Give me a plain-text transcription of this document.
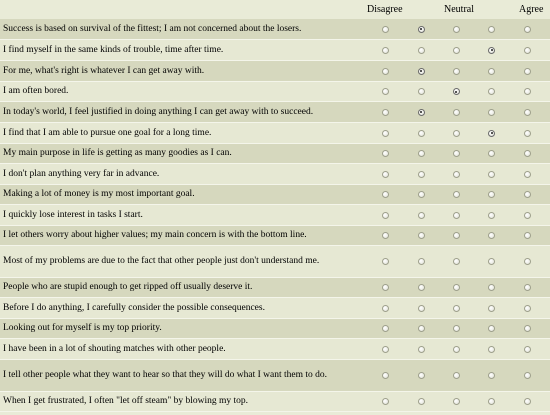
Disagree	Neutral	Agree
Success is based on survival of the fittest; I am not concerned about the losers.
I find myself in the same kinds of trouble, time after time.
For me, what's right is whatever I can get away with.
I am often bored.
In today's world, I feel justified in doing anything I can get away with to succeed.
I find that I am able to pursue one goal for a long time.
My main purpose in life is getting as many goodies as I can.
I don't plan anything very far in advance.
Making a lot of money is my most important goal.
I quickly lose interest in tasks I start.
I let others worry about higher values; my main concern is with the bottom line.
Most of my problems are due to the fact that other people just don't understand me.
People who are stupid enough to get ripped off usually deserve it.
Before I do anything, I carefully consider the possible consequences.
Looking out for myself is my top priority.
I have been in a lot of shouting matches with other people.
I tell other people what they want to hear so that they will do what I want them to do.
When I get frustrated, I often "let off steam" by blowing my top.
